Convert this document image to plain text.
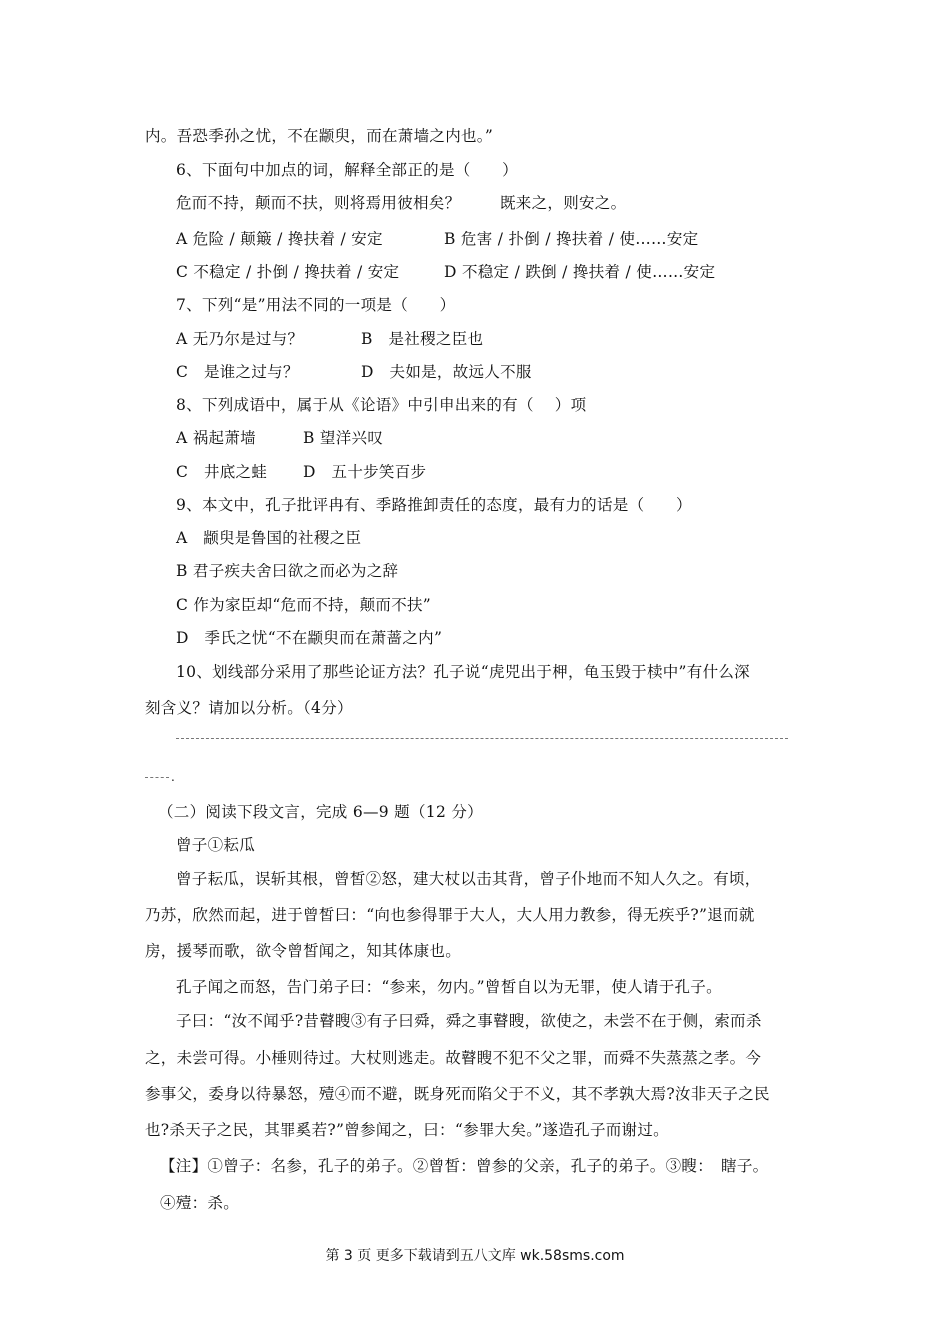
内。吾恐季孙之忧，不在颛臾，而在萧墙之内也。”
6、下面句中加点的词，解释全部正的是（　　）
危而不持，颠而不扶，则将焉用彼相矣？	既来之，则安之。
A 危险 / 颠簸 / 搀扶着 / 安定	B 危害 / 扑倒 / 搀扶着 / 使……安定
C 不稳定 / 扑倒 / 搀扶着 / 安定	D 不稳定 / 跌倒 / 搀扶着 / 使……安定
7、下列“是”用法不同的一项是（　　）
A 无乃尔是过与？	B　是社稷之臣也
C　是谁之过与？	D　夫如是，故远人不服
8、下列成语中，属于从《论语》中引申出来的有（　 ）项
A 祸起萧墙	B 望洋兴叹
C　井底之蛙 D　五十步笑百步
9、本文中，孔子批评冉有、季路推卸责任的态度，最有力的话是（　　）
A　颛臾是鲁国的社稷之臣
B 君子疾夫舍曰欲之而必为之辞
C 作为家臣却“危而不持，颠而不扶”
D　季氏之忧“不在颛臾而在萧蔷之内”
10、划线部分采用了那些论证方法？孔子说“虎兕出于柙，龟玉毁于椟中”有什么深
刻含义？请加以分析。（4分）
.
（二）阅读下段文言，完成 6—9 题（12 分）
曾子①耘瓜
曾子耘瓜，误斩其根，曾皙②怒，建大杖以击其背，曾子仆地而不知人久之。有顷，
乃苏，欣然而起，进于曾皙曰：“向也参得罪于大人，大人用力教参，得无疾乎?”退而就
房，援琴而歌，欲令曾皙闻之，知其体康也。
孔子闻之而怒，告门弟子曰：“参来，勿内。”曾皙自以为无罪，使人请于孔子。
子曰：“汝不闻乎?昔瞽瞍③有子曰舜，舜之事瞽瞍，欲使之，未尝不在于侧，索而杀
之，未尝可得。小棰则待过。大杖则逃走。故瞽瞍不犯不父之罪，而舜不失蒸蒸之孝。今
参事父，委身以待暴怒，殪④而不避，既身死而陷父于不义，其不孝孰大焉?汝非天子之民
也?杀天子之民，其罪奚若?”曾参闻之，曰：“参罪大矣。”遂造孔子而谢过。
【注】①曾子：名参，孔子的弟子。②曾皙：曾参的父亲，孔子的弟子。③瞍：　瞎子。
④殪：杀。
第 3 页 更多下载请到五八文库 wk.58sms.com
